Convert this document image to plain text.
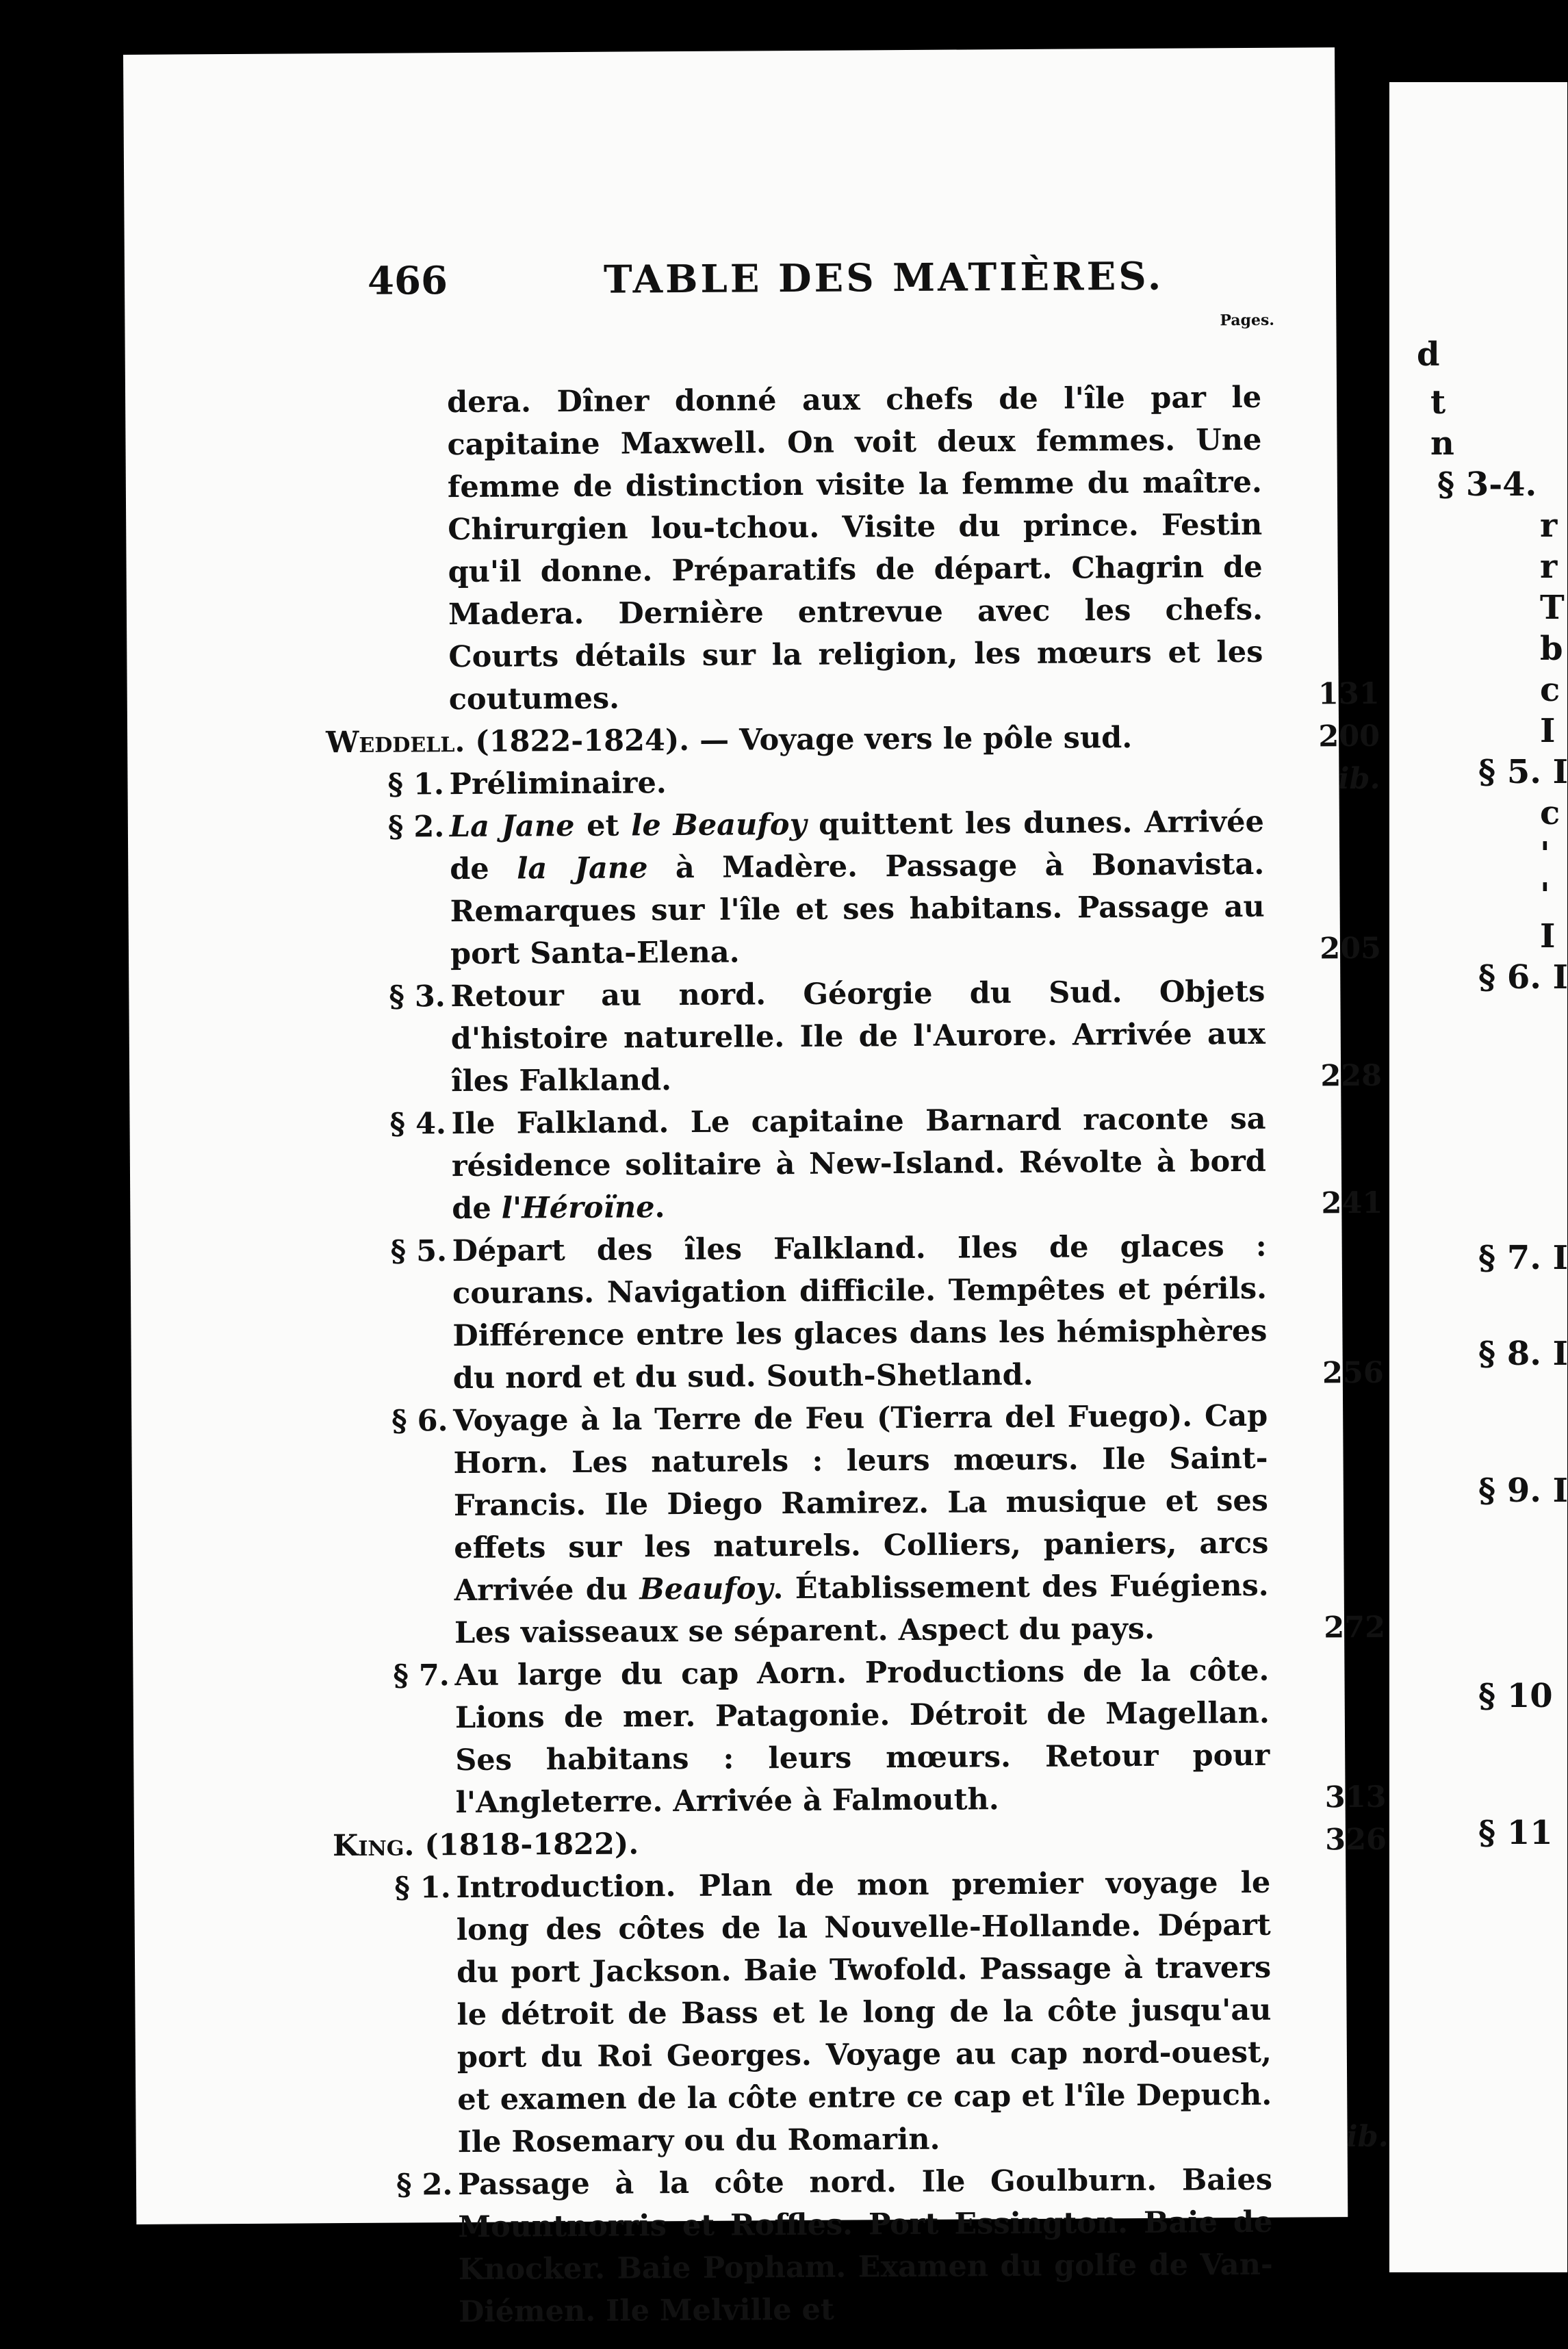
466	TABLE DES MATIÈRES.
Pages.
dera. Dîner donné aux chefs de l'île par le capitaine Maxwell. On voit deux femmes. Une femme de distinction visite la femme du maître. Chirurgien lou-tchou. Visite du prince. Festin qu'il donne. Préparatifs de départ. Chagrin de Madera. Dernière entrevue avec les chefs. Courts détails sur la religion, les mœurs et les coutumes.	131
Weddell. (1822-1824). — Voyage vers le pôle sud.	200
§ 1. Préliminaire.	ib.
§ 2. La Jane et le Beaufoy quittent les dunes. Arrivée de la Jane à Madère. Passage à Bonavista. Remarques sur l'île et ses habitans. Passage au port Santa-Elena.	205
§ 3. Retour au nord. Géorgie du Sud. Objets d'histoire naturelle. Ile de l'Aurore. Arrivée aux îles Falkland.	228
§ 4. Ile Falkland. Le capitaine Barnard raconte sa résidence solitaire à New-Island. Révolte à bord de l'Héroïne.	241
§ 5. Départ des îles Falkland. Iles de glaces : courans. Navigation difficile. Tempêtes et périls. Différence entre les glaces dans les hémisphères du nord et du sud. South-Shetland.	256
§ 6. Voyage à la Terre de Feu (Tierra del Fuego). Cap Horn. Les naturels : leurs mœurs. Ile Saint-Francis. Ile Diego Ramirez. La musique et ses effets sur les naturels. Colliers, paniers, arcs Arrivée du Beaufoy. Établissement des Fuégiens. Les vaisseaux se séparent. Aspect du pays.	272
§ 7. Au large du cap Aorn. Productions de la côte. Lions de mer. Patagonie. Détroit de Magellan. Ses habitans : leurs mœurs. Retour pour l'Angleterre. Arrivée à Falmouth.	313
King. (1818-1822).	326
§ 1. Introduction. Plan de mon premier voyage le long des côtes de la Nouvelle-Hollande. Départ du port Jackson. Baie Twofold. Passage à travers le détroit de Bass et le long de la côte jusqu'au port du Roi Georges. Voyage au cap nord-ouest, et examen de la côte entre ce cap et l'île Depuch. Ile Rosemary ou du Romarin.	ib.
§ 2. Passage à la côte nord. Ile Goulburn. Baies Mountnorris et Roffles. Port Essington. Baie de Knocker. Baie Popham. Examen du golfe de Van-Diémen. Ile Melville et
d
t
n
§ 3-4.
r
r
T
b
c
I
§ 5. I
c
'
'
I
§ 6. I
§ 7. I
§ 8. I
§ 9. I
§ 10
§ 11
